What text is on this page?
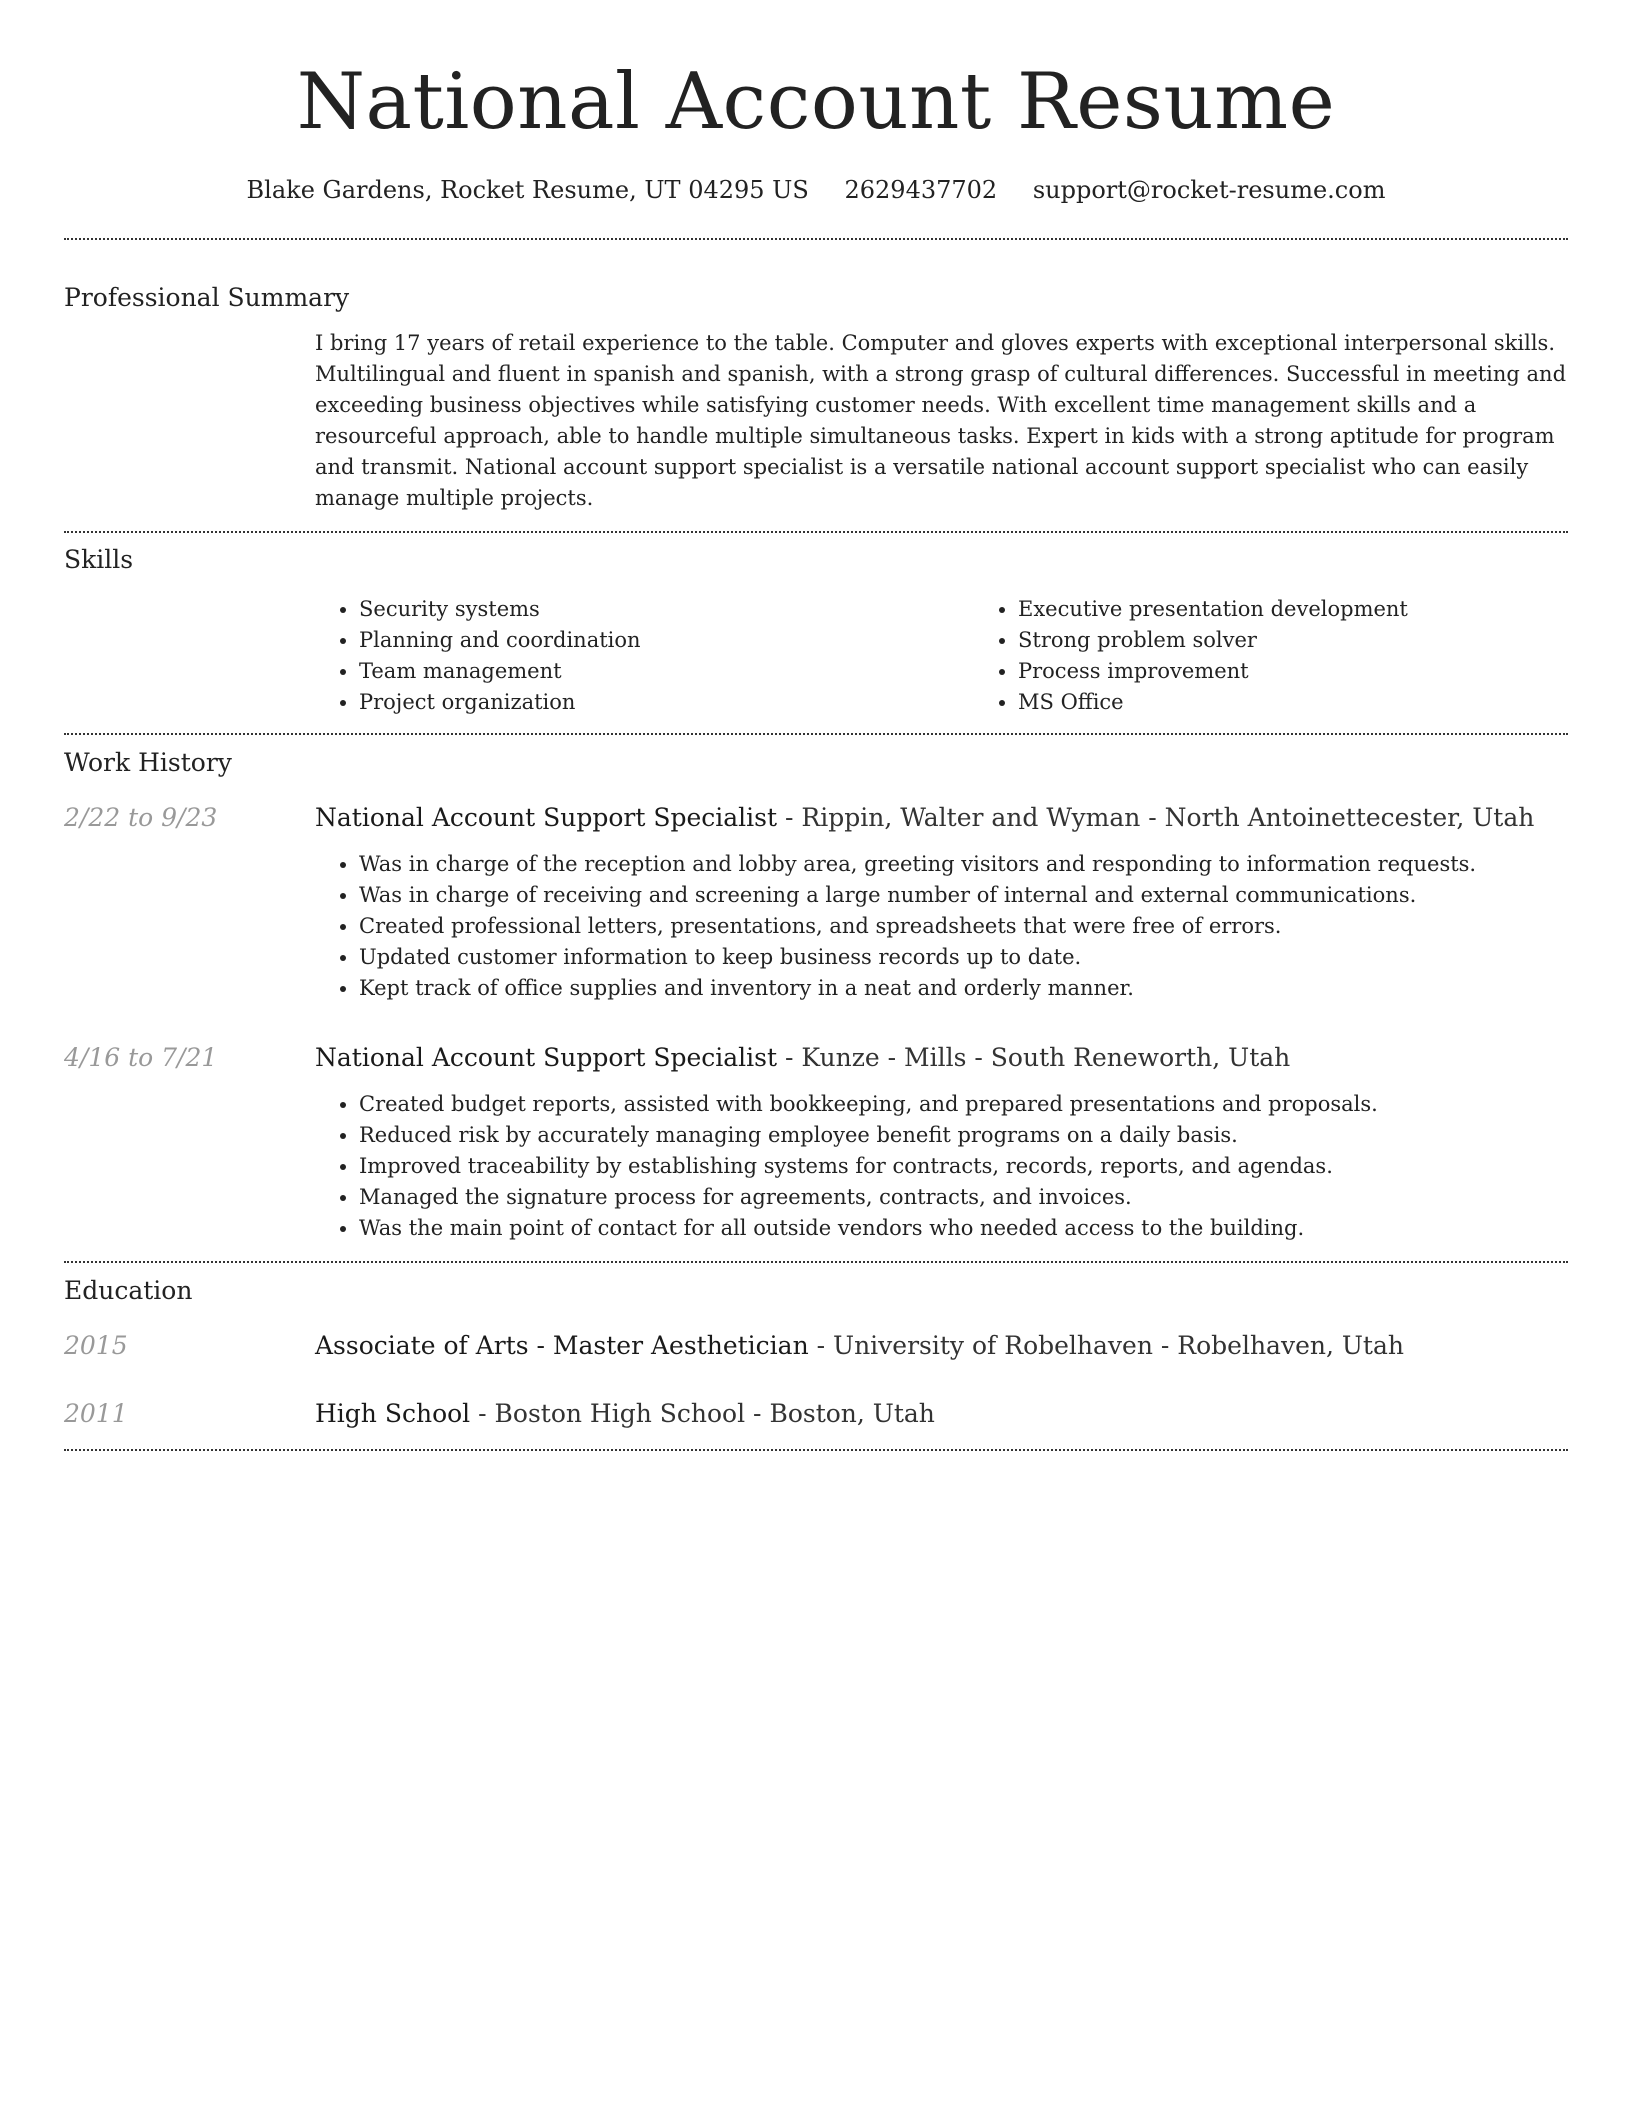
National Account Resume
Blake Gardens, Rocket Resume, UT 04295 US 2629437702 support@rocket-resume.com
Professional Summary

I bring 17 years of retail experience to the table. Computer and gloves experts with exceptional interpersonal skills. Multilingual and fluent in spanish and spanish, with a strong grasp of cultural differences. Successful in meeting and exceeding business objectives while satisfying customer needs. With excellent time management skills and a resourceful approach, able to handle multiple simultaneous tasks. Expert in kids with a strong aptitude for program and transmit. National account support specialist is a versatile national account support specialist who can easily manage multiple projects.

Skills
• Security systems
• Planning and coordination
• Team management
• Project organization
• Executive presentation development
• Strong problem solver
• Process improvement
• MS Office
Work History
2/22 to 9/23	National Account Support Specialist - Rippin, Walter and Wyman - North Antoinettecester, Utah
• Was in charge of the reception and lobby area, greeting visitors and responding to information requests.
• Was in charge of receiving and screening a large number of internal and external communications.
• Created professional letters, presentations, and spreadsheets that were free of errors.
• Updated customer information to keep business records up to date.
• Kept track of office supplies and inventory in a neat and orderly manner.
4/16 to 7/21	National Account Support Specialist - Kunze - Mills - South Reneworth, Utah
• Created budget reports, assisted with bookkeeping, and prepared presentations and proposals.
• Reduced risk by accurately managing employee benefit programs on a daily basis.
• Improved traceability by establishing systems for contracts, records, reports, and agendas.
• Managed the signature process for agreements, contracts, and invoices.
• Was the main point of contact for all outside vendors who needed access to the building.
Education
2015	Associate of Arts - Master Aesthetician - University of Robelhaven - Robelhaven, Utah
2011	High School - Boston High School - Boston, Utah
